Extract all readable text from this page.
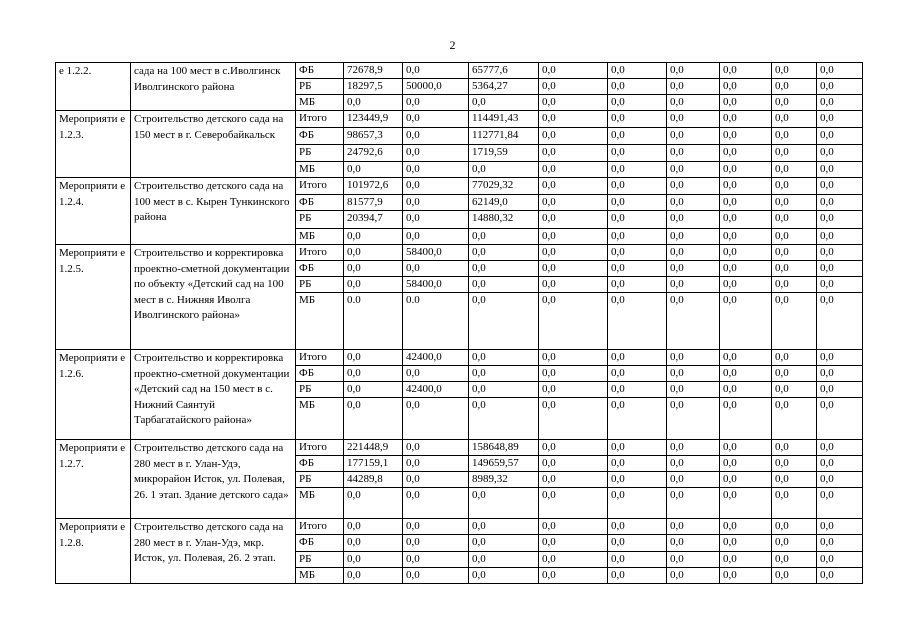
2
е 1.2.2.	сада на 100 мест в с.Иволгинск Иволгинского района	ФБ	72678,9	0,0	65777,6	0,0	0,0	0,0	0,0	0,0	0,0
		РБ	18297,5	50000,0	5364,27	0,0	0,0	0,0	0,0	0,0	0,0
		МБ	0,0	0,0	0,0	0,0	0,0	0,0	0,0	0,0	0,0
Мероприяти е 1.2.3.	Строительство детского сада на 150 мест в г. Северобайкальск	Итого	123449,9	0,0	114491,43	0,0	0,0	0,0	0,0	0,0	0,0
		ФБ	98657,3	0,0	112771,84	0,0	0,0	0,0	0,0	0,0	0,0
		РБ	24792,6	0,0	1719,59	0,0	0,0	0,0	0,0	0,0	0,0
		МБ	0,0	0,0	0,0	0,0	0,0	0,0	0,0	0,0	0,0
Мероприяти е 1.2.4.	Строительство детского сада на 100 мест в с. Кырен Тункинского района	Итого	101972,6	0,0	77029,32	0,0	0,0	0,0	0,0	0,0	0,0
		ФБ	81577,9	0,0	62149,0	0,0	0,0	0,0	0,0	0,0	0,0
		РБ	20394,7	0,0	14880,32	0,0	0,0	0,0	0,0	0,0	0,0
		МБ	0,0	0,0	0,0	0,0	0,0	0,0	0,0	0,0	0,0
Мероприяти е 1.2.5.	Строительство и корректировка проектно-сметной документации по объекту «Детский сад на 100 мест в с. Нижняя Иволга Иволгинского района»	Итого	0,0	58400,0	0,0	0,0	0,0	0,0	0,0	0,0	0,0
		ФБ	0,0	0,0	0,0	0,0	0,0	0,0	0,0	0,0	0,0
		РБ	0,0	58400,0	0,0	0,0	0,0	0,0	0,0	0,0	0,0
		МБ	0.0	0.0	0,0	0,0	0,0	0,0	0,0	0,0	0,0
Мероприяти е 1.2.6.	Строительство и корректировка проектно-сметной документации «Детский сад на 150 мест в с. Нижний Саянтуй Тарбагатайского района»	Итого	0,0	42400,0	0,0	0,0	0,0	0,0	0,0	0,0	0,0
		ФБ	0,0	0,0	0,0	0,0	0,0	0,0	0,0	0,0	0,0
		РБ	0,0	42400,0	0,0	0,0	0,0	0,0	0,0	0,0	0,0
		МБ	0,0	0,0	0,0	0,0	0,0	0,0	0,0	0,0	0,0
Мероприяти е 1.2.7.	Строительство детского сада на 280 мест в г. Улан-Удэ, микрорайон Исток, ул. Полевая, 26. 1 этап. Здание детского сада»	Итого	221448,9	0,0	158648,89	0,0	0,0	0,0	0,0	0,0	0,0
		ФБ	177159,1	0,0	149659,57	0,0	0,0	0,0	0,0	0,0	0,0
		РБ	44289,8	0,0	8989,32	0,0	0,0	0,0	0,0	0,0	0,0
		МБ	0,0	0,0	0,0	0,0	0,0	0,0	0,0	0,0	0,0
Мероприяти е 1.2.8.	Строительство детского сада на 280 мест в г. Улан-Удэ, мкр. Исток, ул. Полевая, 26. 2 этап.	Итого	0,0	0,0	0,0	0,0	0,0	0,0	0,0	0,0	0,0
		ФБ	0,0	0,0	0,0	0,0	0,0	0,0	0,0	0,0	0,0
		РБ	0,0	0,0	0,0	0,0	0,0	0,0	0,0	0,0	0,0
		МБ	0,0	0,0	0,0	0,0	0,0	0,0	0,0	0,0	0,0
